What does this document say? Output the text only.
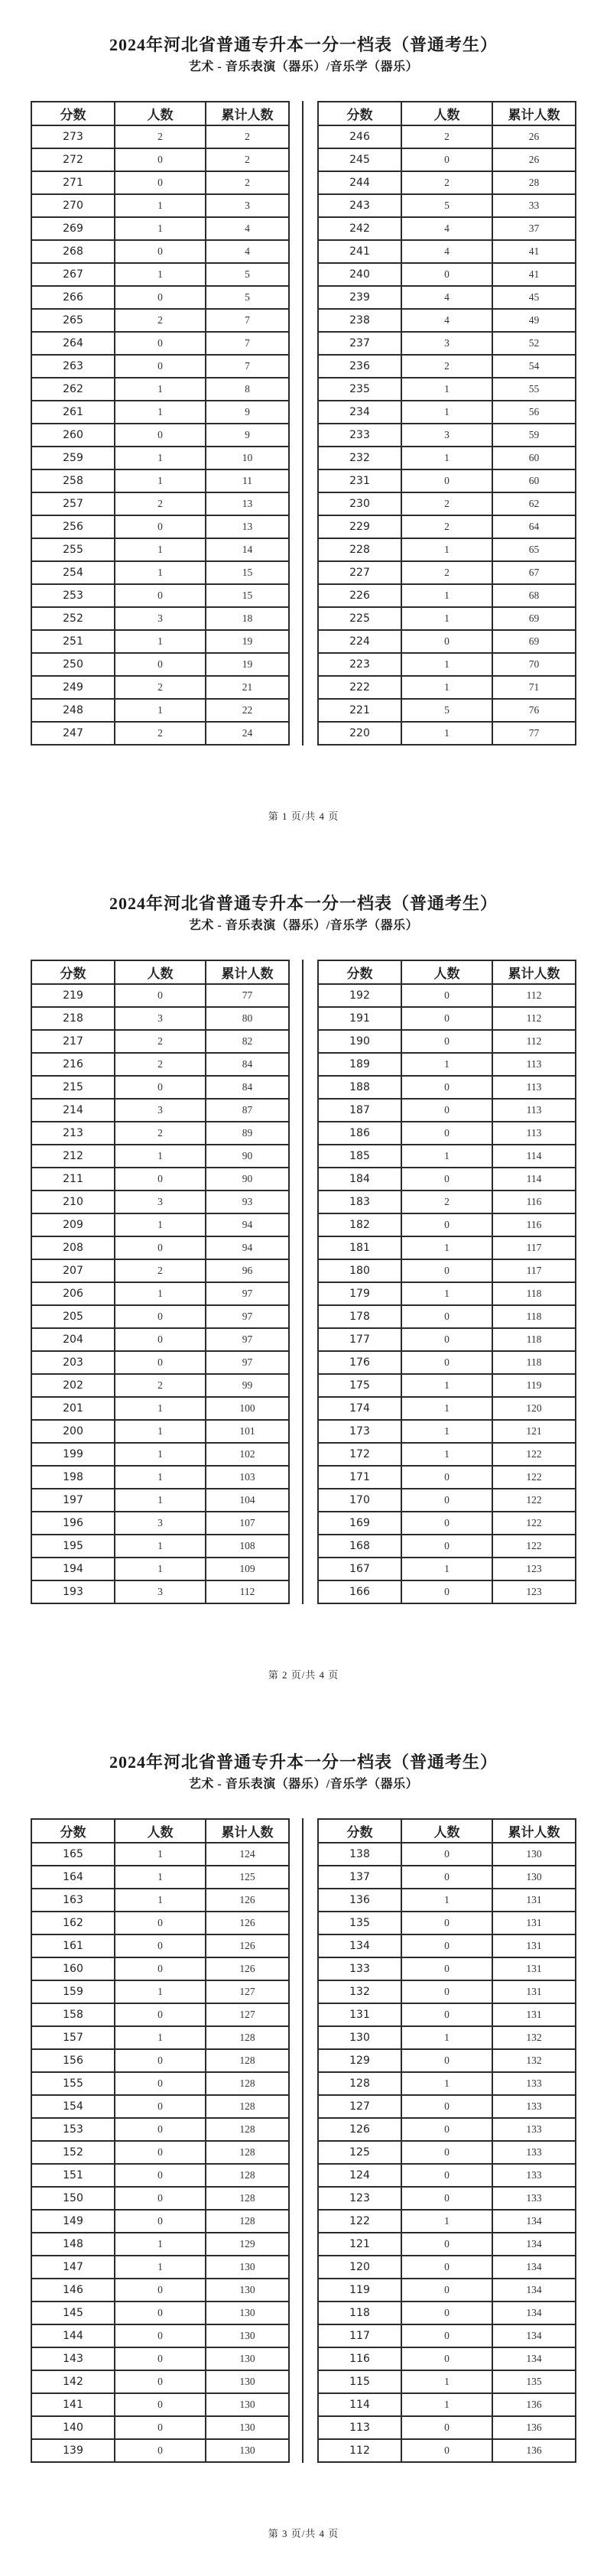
2024年河北省普通专升本一分一档表（普通考生）
艺术 - 音乐表演（器乐）/音乐学（器乐）
分数	人数	累计人数
273	2	2
272	0	2
271	0	2
270	1	3
269	1	4
268	0	4
267	1	5
266	0	5
265	2	7
264	0	7
263	0	7
262	1	8
261	1	9
260	0	9
259	1	10
258	1	11
257	2	13
256	0	13
255	1	14
254	1	15
253	0	15
252	3	18
251	1	19
250	0	19
249	2	21
248	1	22
247	2	24
分数	人数	累计人数
246	2	26
245	0	26
244	2	28
243	5	33
242	4	37
241	4	41
240	0	41
239	4	45
238	4	49
237	3	52
236	2	54
235	1	55
234	1	56
233	3	59
232	1	60
231	0	60
230	2	62
229	2	64
228	1	65
227	2	67
226	1	68
225	1	69
224	0	69
223	1	70
222	1	71
221	5	76
220	1	77
第 1 页/共 4 页
2024年河北省普通专升本一分一档表（普通考生）
艺术 - 音乐表演（器乐）/音乐学（器乐）
分数	人数	累计人数
219	0	77
218	3	80
217	2	82
216	2	84
215	0	84
214	3	87
213	2	89
212	1	90
211	0	90
210	3	93
209	1	94
208	0	94
207	2	96
206	1	97
205	0	97
204	0	97
203	0	97
202	2	99
201	1	100
200	1	101
199	1	102
198	1	103
197	1	104
196	3	107
195	1	108
194	1	109
193	3	112
分数	人数	累计人数
192	0	112
191	0	112
190	0	112
189	1	113
188	0	113
187	0	113
186	0	113
185	1	114
184	0	114
183	2	116
182	0	116
181	1	117
180	0	117
179	1	118
178	0	118
177	0	118
176	0	118
175	1	119
174	1	120
173	1	121
172	1	122
171	0	122
170	0	122
169	0	122
168	0	122
167	1	123
166	0	123
第 2 页/共 4 页
2024年河北省普通专升本一分一档表（普通考生）
艺术 - 音乐表演（器乐）/音乐学（器乐）
分数	人数	累计人数
165	1	124
164	1	125
163	1	126
162	0	126
161	0	126
160	0	126
159	1	127
158	0	127
157	1	128
156	0	128
155	0	128
154	0	128
153	0	128
152	0	128
151	0	128
150	0	128
149	0	128
148	1	129
147	1	130
146	0	130
145	0	130
144	0	130
143	0	130
142	0	130
141	0	130
140	0	130
139	0	130
分数	人数	累计人数
138	0	130
137	0	130
136	1	131
135	0	131
134	0	131
133	0	131
132	0	131
131	0	131
130	1	132
129	0	132
128	1	133
127	0	133
126	0	133
125	0	133
124	0	133
123	0	133
122	1	134
121	0	134
120	0	134
119	0	134
118	0	134
117	0	134
116	0	134
115	1	135
114	1	136
113	0	136
112	0	136
第 3 页/共 4 页
